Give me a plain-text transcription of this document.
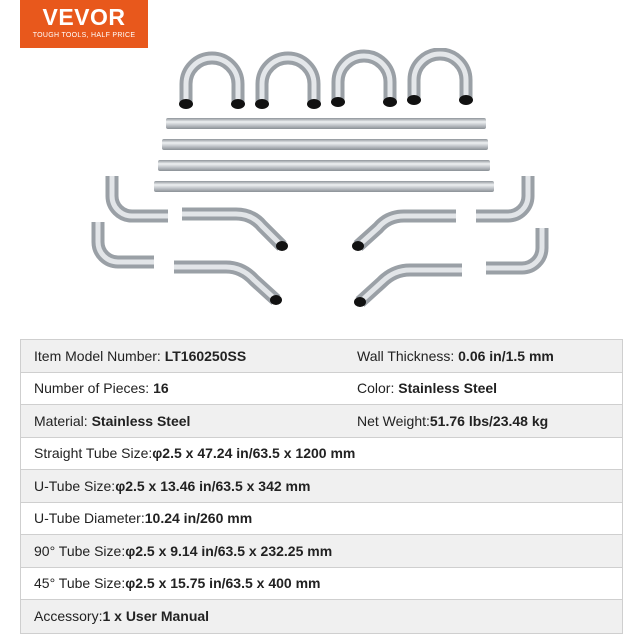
VEVOR
TOUGH TOOLS, HALF PRICE
Item Model Number: LT160250SS	Wall Thickness: 0.06 in/1.5 mm
Number of Pieces: 16	Color: Stainless Steel
Material: Stainless Steel	Net Weight:51.76 lbs/23.48 kg
Straight Tube Size:φ2.5 x 47.24 in/63.5 x 1200 mm
U-Tube Size:φ2.5 x 13.46 in/63.5 x 342 mm
U-Tube Diameter:10.24 in/260 mm
90° Tube Size:φ2.5 x 9.14 in/63.5 x 232.25 mm
45° Tube Size:φ2.5 x 15.75 in/63.5 x 400 mm
Accessory:1 x User Manual
